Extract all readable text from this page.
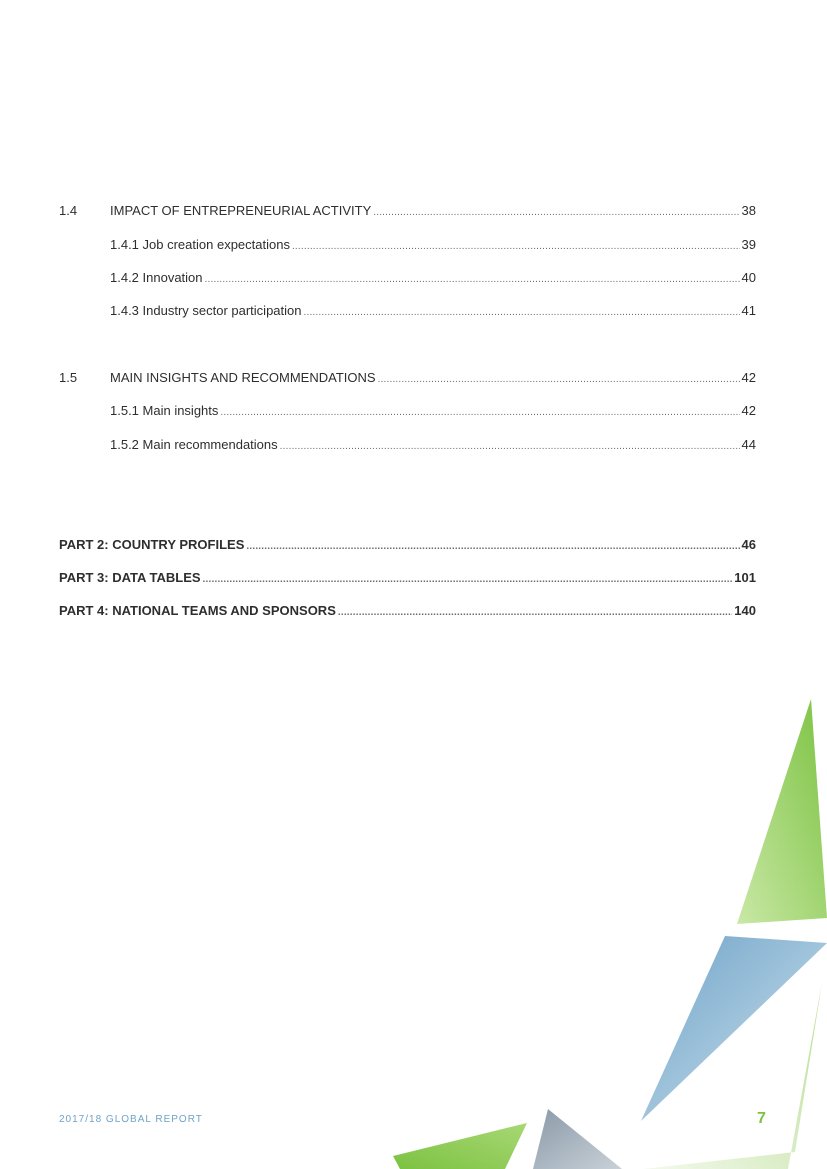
1.4	IMPACT OF ENTREPRENEURIAL ACTIVITY .....	38
1.4.1 Job creation expectations .....	39
1.4.2 Innovation .....	40
1.4.3 Industry sector participation .....	41
1.5	MAIN INSIGHTS AND RECOMMENDATIONS .....	42
1.5.1 Main insights .....	42
1.5.2 Main recommendations .....	44
PART 2: COUNTRY PROFILES .....	46
PART 3: DATA TABLES .....	101
PART 4: NATIONAL TEAMS AND SPONSORS .....	140
2017/18 GLOBAL REPORT	7
